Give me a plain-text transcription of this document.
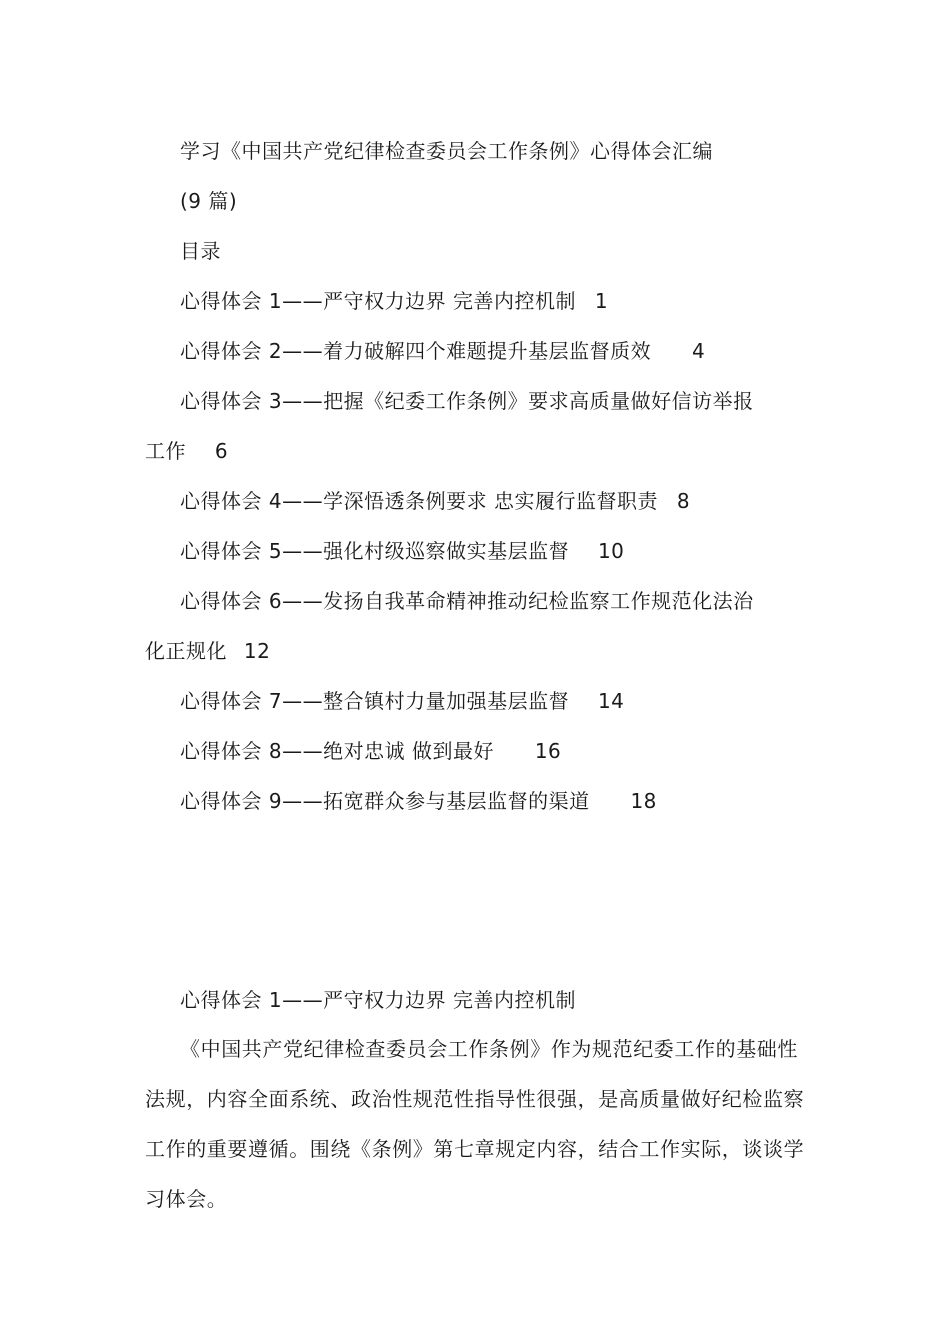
学习《中国共产党纪律检查委员会工作条例》心得体会汇编
(9 篇)
目录
心得体会 1——严守权力边界 完善内控机制 1
心得体会 2——着力破解四个难题提升基层监督质效 4
心得体会 3——把握《纪委工作条例》要求高质量做好信访举报
工作 6
心得体会 4——学深悟透条例要求 忠实履行监督职责 8
心得体会 5——强化村级巡察做实基层监督 10
心得体会 6——发扬自我革命精神推动纪检监察工作规范化法治
化正规化 12
心得体会 7——整合镇村力量加强基层监督 14
心得体会 8——绝对忠诚 做到最好 16
心得体会 9——拓宽群众参与基层监督的渠道 18
心得体会 1——严守权力边界 完善内控机制
《中国共产党纪律检查委员会工作条例》作为规范纪委工作的基础性法规，内容全面系统、政治性规范性指导性很强，是高质量做好纪检监察工作的重要遵循。围绕《条例》第七章规定内容，结合工作实际，谈谈学习体会。
